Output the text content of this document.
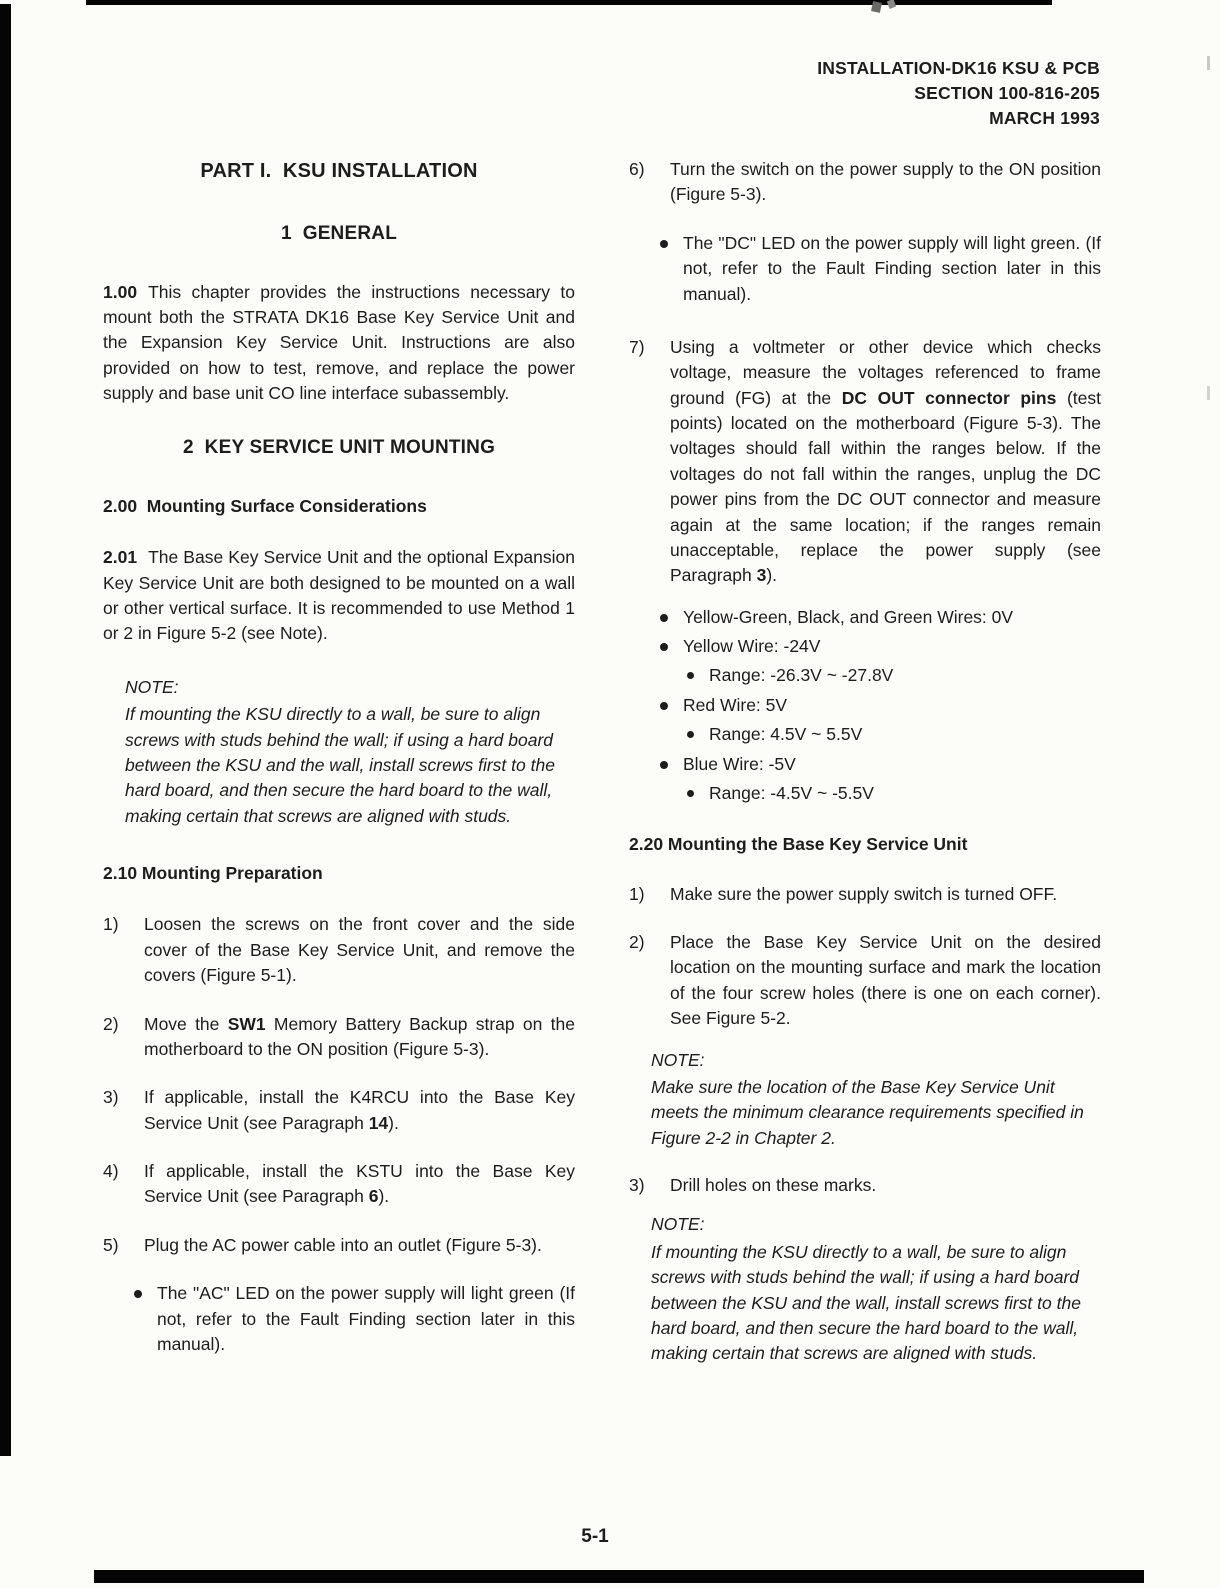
INSTALLATION-DK16 KSU & PCB
SECTION 100-816-205
MARCH 1993
PART I.  KSU INSTALLATION
1  GENERAL

1.00 This chapter provides the instructions necessary to mount both the STRATA DK16 Base Key Service Unit and the Expansion Key Service Unit. Instructions are also provided on how to test, remove, and replace the power supply and base unit CO line interface subassembly.

2  KEY SERVICE UNIT MOUNTING
2.00  Mounting Surface Considerations

2.01 The Base Key Service Unit and the optional Expansion Key Service Unit are both designed to be mounted on a wall or other vertical surface. It is recommended to use Method 1 or 2 in Figure 5-2 (see Note).

NOTE:
If mounting the KSU directly to a wall, be sure to align screws with studs behind the wall; if using a hard board between the KSU and the wall, install screws first to the hard board, and then secure the hard board to the wall, making certain that screws are aligned with studs.
2.10 Mounting Preparation
1)	Loosen the screws on the front cover and the side cover of the Base Key Service Unit, and remove the covers (Figure 5-1).
2)	Move the SW1 Memory Battery Backup strap on the motherboard to the ON position (Figure 5-3).
3)	If applicable, install the K4RCU into the Base Key Service Unit (see Paragraph 14).
4)	If applicable, install the KSTU into the Base Key Service Unit (see Paragraph 6).
5)	Plug the AC power cable into an outlet (Figure 5-3).
The "AC" LED on the power supply will light green (If not, refer to the Fault Finding section later in this manual).
6)	Turn the switch on the power supply to the ON position (Figure 5-3).
The "DC" LED on the power supply will light green. (If not, refer to the Fault Finding section later in this manual).
7)	Using a voltmeter or other device which checks voltage, measure the voltages referenced to frame ground (FG) at the DC OUT connector pins (test points) located on the motherboard (Figure 5-3). The voltages should fall within the ranges below. If the voltages do not fall within the ranges, unplug the DC power pins from the DC OUT connector and measure again at the same location; if the ranges remain unacceptable, replace the power supply (see Paragraph 3).
Yellow-Green, Black, and Green Wires: 0V
Yellow Wire: -24V
Range: -26.3V ~ -27.8V
Red Wire: 5V
Range: 4.5V ~ 5.5V
Blue Wire: -5V
Range: -4.5V ~ -5.5V
2.20 Mounting the Base Key Service Unit
1)	Make sure the power supply switch is turned OFF.
2)	Place the Base Key Service Unit on the desired location on the mounting surface and mark the location of the four screw holes (there is one on each corner). See Figure 5-2.
NOTE:
Make sure the location of the Base Key Service Unit meets the minimum clearance requirements specified in Figure 2-2 in Chapter 2.
3)	Drill holes on these marks.
NOTE:
If mounting the KSU directly to a wall, be sure to align screws with studs behind the wall; if using a hard board between the KSU and the wall, install screws first to the hard board, and then secure the hard board to the wall, making certain that screws are aligned with studs.
5-1
